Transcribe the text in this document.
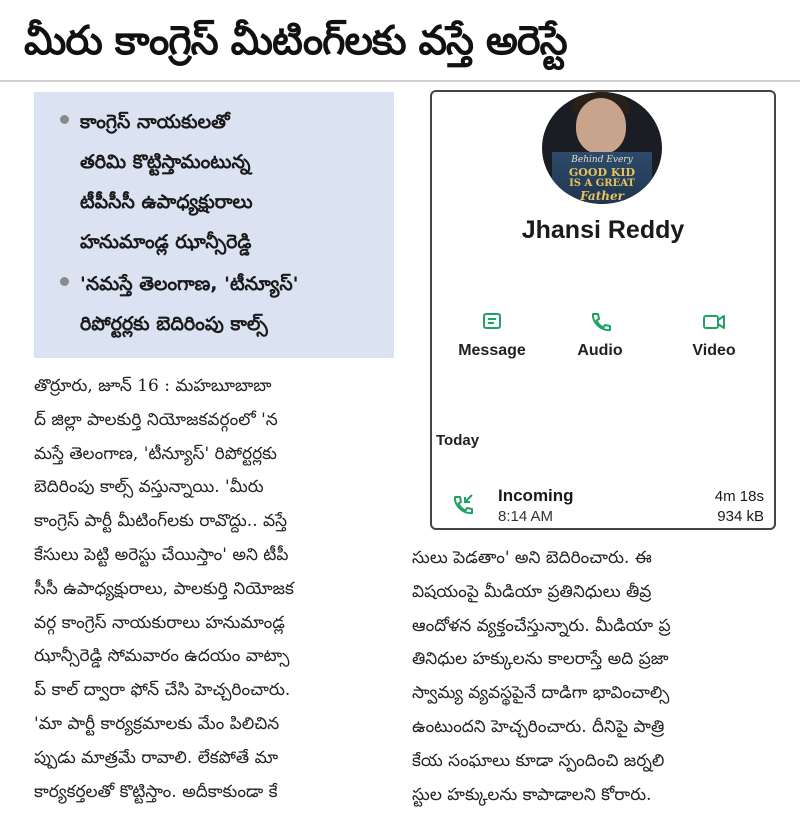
మీరు కాంగ్రెస్ మీటింగ్‌లకు వస్తే అరెస్టే
కాంగ్రెస్ నాయకులతో
తరిమి కొట్టిస్తామంటున్న
టీపీసీసీ ఉపాధ్యక్షురాలు
హనుమాండ్ల ఝాన్సీరెడ్డి
'నమస్తే తెలంగాణ, 'టీన్యూస్'
రిపోర్టర్లకు బెదిరింపు కాల్స్
తొర్రూరు, జూన్ 16 : మహబూబాబా
ద్ జిల్లా పాలకుర్తి నియోజకవర్గంలో 'న
మస్తే తెలంగాణ, 'టీన్యూస్' రిపోర్టర్లకు
బెదిరింపు కాల్స్ వస్తున్నాయి. 'మీరు
కాంగ్రెస్ పార్టీ మీటింగ్‌లకు రావొద్దు.. వస్తే
కేసులు పెట్టి అరెస్టు చేయిస్తాం' అని టీపీ
సీసీ ఉపాధ్యక్షురాలు, పాలకుర్తి నియోజక
వర్గ కాంగ్రెస్ నాయకురాలు హనుమాండ్ల
ఝాన్సీరెడ్డి సోమవారం ఉదయం వాట్సా
ప్ కాల్ ద్వారా ఫోన్ చేసి హెచ్చరించారు.
'మా పార్టీ కార్యక్రమాలకు మేం పిలిచిన
ప్పుడు మాత్రమే రావాలి. లేకపోతే మా
కార్యకర్తలతో కొట్టిస్తాం. అదీకాకుండా కే
సులు పెడతాం' అని బెదిరించారు. ఈ
విషయంపై మీడియా ప్రతినిధులు తీవ్ర
ఆందోళన వ్యక్తంచేస్తున్నారు. మీడియా ప్ర
తినిధుల హక్కులను కాలరాస్తే అది ప్రజా
స్వామ్య వ్యవస్థపైనే దాడిగా భావించాల్సి
ఉంటుందని హెచ్చరించారు. దీనిపై పాత్రి
కేయ సంఘాలు కూడా స్పందించి జర్నలి
స్టుల హక్కులను కాపాడాలని కోరారు.
Behind Every
GOOD KID
IS A GREAT
Father
Jhansi Reddy
Message	Audio	Video
Today
Incoming
8:14 AM
4m 18s
934 kB
